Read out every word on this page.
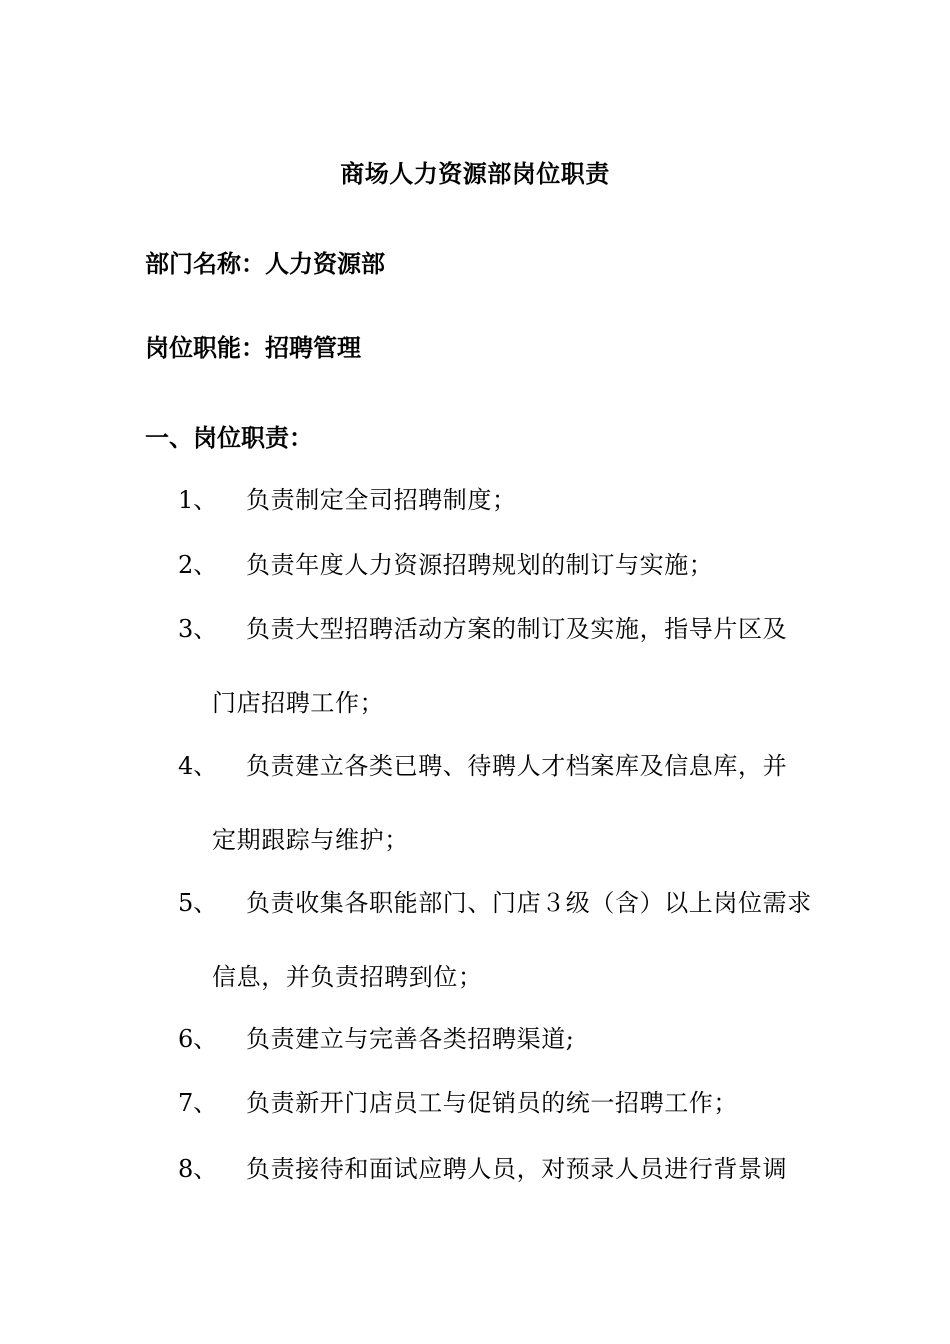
商场人力资源部岗位职责
部门名称：人力资源部
岗位职能：招聘管理
一、岗位职责：
1、 负责制定全司招聘制度；
2、 负责年度人力资源招聘规划的制订与实施；
3、 负责大型招聘活动方案的制订及实施，指导片区及
门店招聘工作；
4、 负责建立各类已聘、待聘人才档案库及信息库，并
定期跟踪与维护；
5、 负责收集各职能部门、门店３级（含）以上岗位需求
信息，并负责招聘到位；
6、 负责建立与完善各类招聘渠道;
7、 负责新开门店员工与促销员的统一招聘工作；
8、 负责接待和面试应聘人员，对预录人员进行背景调
